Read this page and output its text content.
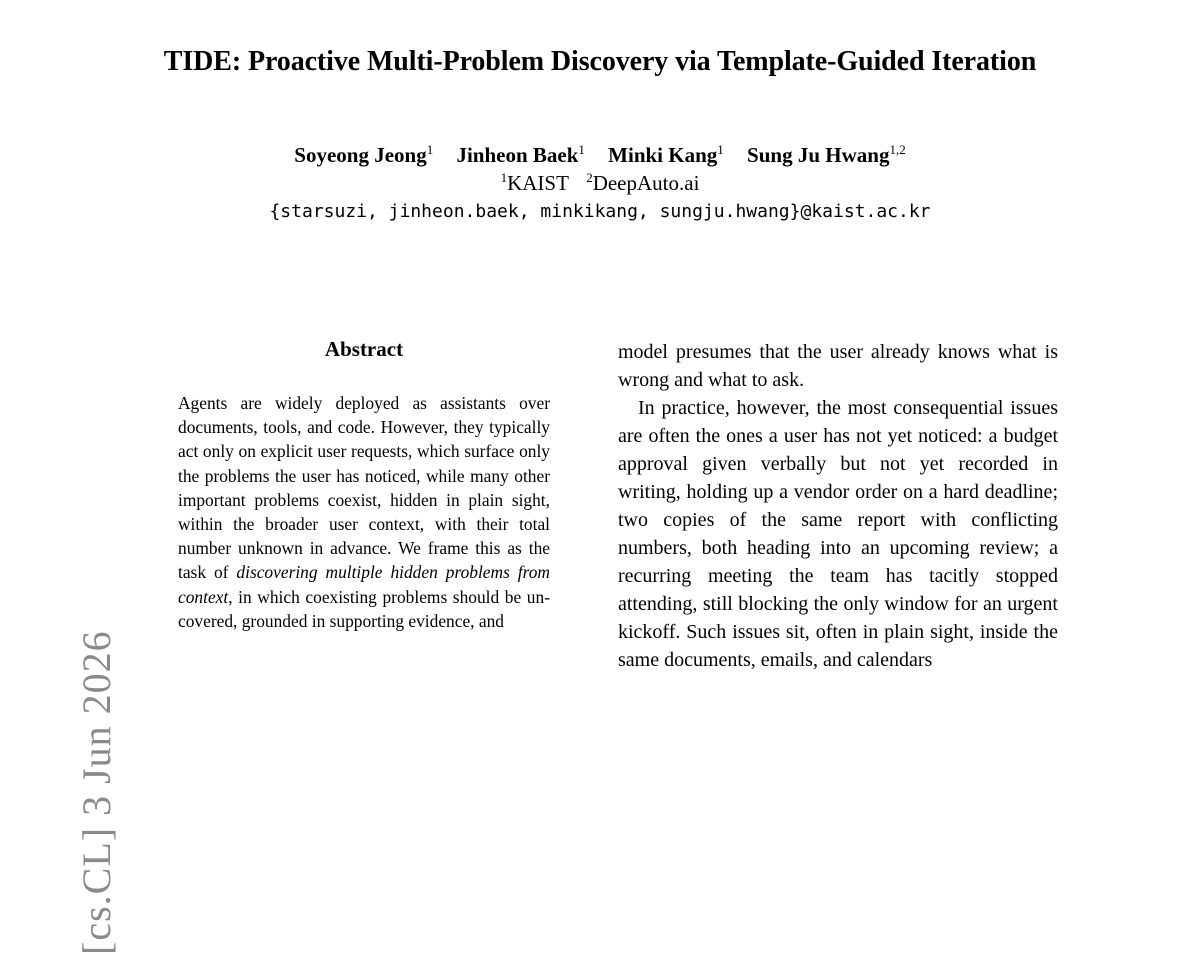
TIDE: Proactive Multi-Problem Discovery via Template-Guided Iteration
Soyeong Jeong$^1$ Jinheon Baek$^1$ Minki Kang$^1$ Sung Ju Hwang$^{1,2}$
$^1$KAIST $^2$DeepAuto.ai
{starsuzi, jinheon.baek, minkikang, sungju.hwang}@kaist.ac.kr
[cs.CL] 3 Jun 2026
Abstract

Agents are widely deployed as assistants over documents, tools, and code. However, they typically act only on explicit user requests, which surface only the problems the user has noticed, while many other important problems coexist, hidden in plain sight, within the broader user context, with their total number unknown in advance. We frame this as the task of discovering multiple hidden problems from context, in which coexisting problems should be uncovered, grounded in supporting evidence, and

model presumes that the user already knows what is wrong and what to ask.

In practice, however, the most consequential issues are often the ones a user has not yet noticed: a budget approval given verbally but not yet recorded in writing, holding up a vendor order on a hard deadline; two copies of the same report with conflicting numbers, both heading into an upcoming review; a recurring meeting the team has tacitly stopped attending, still blocking the only window for an urgent kickoff. Such issues sit, often in plain sight, inside the same documents, emails, and calendars
